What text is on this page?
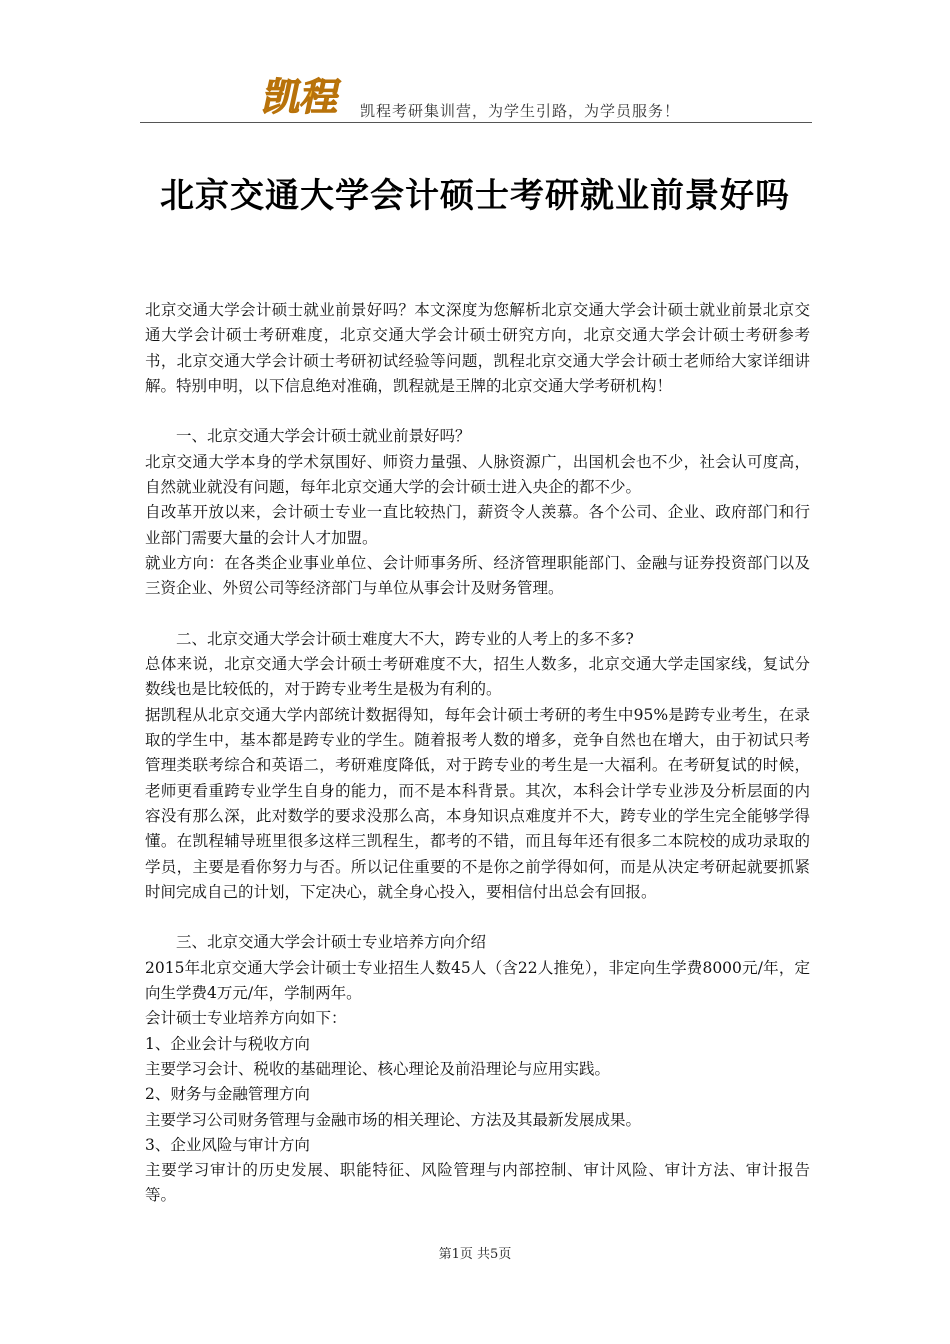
凯程 凯程考研集训营，为学生引路，为学员服务！
北京交通大学会计硕士考研就业前景好吗

北京交通大学会计硕士就业前景好吗？本文深度为您解析北京交通大学会计硕士就业前景北京交通大学会计硕士考研难度，北京交通大学会计硕士研究方向，北京交通大学会计硕士考研参考书，北京交通大学会计硕士考研初试经验等问题，凯程北京交通大学会计硕士老师给大家详细讲解。特别申明，以下信息绝对准确，凯程就是王牌的北京交通大学考研机构！

一、北京交通大学会计硕士就业前景好吗？

北京交通大学本身的学术氛围好、师资力量强、人脉资源广，出国机会也不少，社会认可度高，自然就业就没有问题，每年北京交通大学的会计硕士进入央企的都不少。

自改革开放以来，会计硕士专业一直比较热门，薪资令人羡慕。各个公司、企业、政府部门和行业部门需要大量的会计人才加盟。

就业方向：在各类企业事业单位、会计师事务所、经济管理职能部门、金融与证券投资部门以及三资企业、外贸公司等经济部门与单位从事会计及财务管理。

二、北京交通大学会计硕士难度大不大，跨专业的人考上的多不多?

总体来说，北京交通大学会计硕士考研难度不大，招生人数多，北京交通大学走国家线，复试分数线也是比较低的，对于跨专业考生是极为有利的。

据凯程从北京交通大学内部统计数据得知，每年会计硕士考研的考生中95%是跨专业考生，在录取的学生中，基本都是跨专业的学生。随着报考人数的增多，竞争自然也在增大，由于初试只考管理类联考综合和英语二，考研难度降低，对于跨专业的考生是一大福利。在考研复试的时候，老师更看重跨专业学生自身的能力，而不是本科背景。其次，本科会计学专业涉及分析层面的内容没有那么深，此对数学的要求没那么高，本身知识点难度并不大，跨专业的学生完全能够学得懂。在凯程辅导班里很多这样三凯程生，都考的不错，而且每年还有很多二本院校的成功录取的学员，主要是看你努力与否。所以记住重要的不是你之前学得如何，而是从决定考研起就要抓紧时间完成自己的计划，下定决心，就全身心投入，要相信付出总会有回报。

三、北京交通大学会计硕士专业培养方向介绍

2015年北京交通大学会计硕士专业招生人数45人（含22人推免），非定向生学费8000元/年，定向生学费4万元/年，学制两年。

会计硕士专业培养方向如下：

1、企业会计与税收方向

主要学习会计、税收的基础理论、核心理论及前沿理论与应用实践。

2、财务与金融管理方向

主要学习公司财务管理与金融市场的相关理论、方法及其最新发展成果。

3、企业风险与审计方向

主要学习审计的历史发展、职能特征、风险管理与内部控制、审计风险、审计方法、审计报告等。

第1页 共5页
